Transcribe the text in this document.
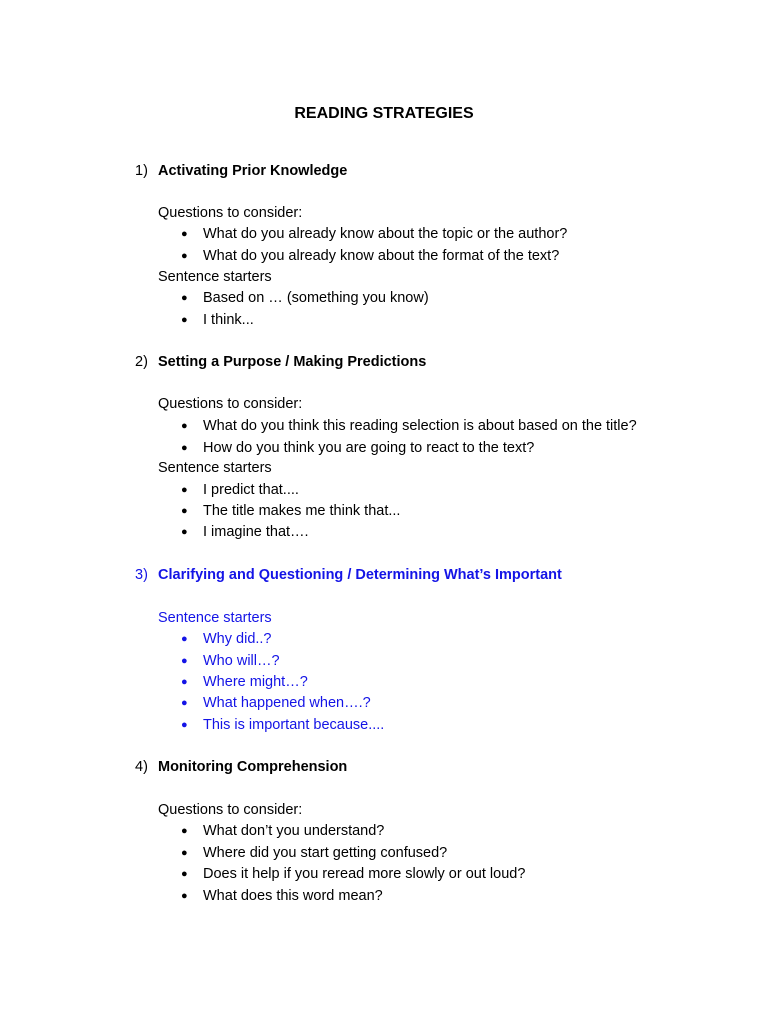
READING STRATEGIES
1) Activating Prior Knowledge
Questions to consider:
● What do you already know about the topic or the author?
● What do you already know about the format of the text?
Sentence starters
● Based on … (something you know)
● I think...
2) Setting a Purpose / Making Predictions
Questions to consider:
● What do you think this reading selection is about based on the title?
● How do you think you are going to react to the text?
Sentence starters
● I predict that....
● The title makes me think that...
● I imagine that….
3) Clarifying and Questioning / Determining What’s Important
Sentence starters
● Why did..?
● Who will…?
● Where might…?
● What happened when….?
● This is important because....
4) Monitoring Comprehension
Questions to consider:
● What don’t you understand?
● Where did you start getting confused?
● Does it help if you reread more slowly or out loud?
● What does this word mean?
